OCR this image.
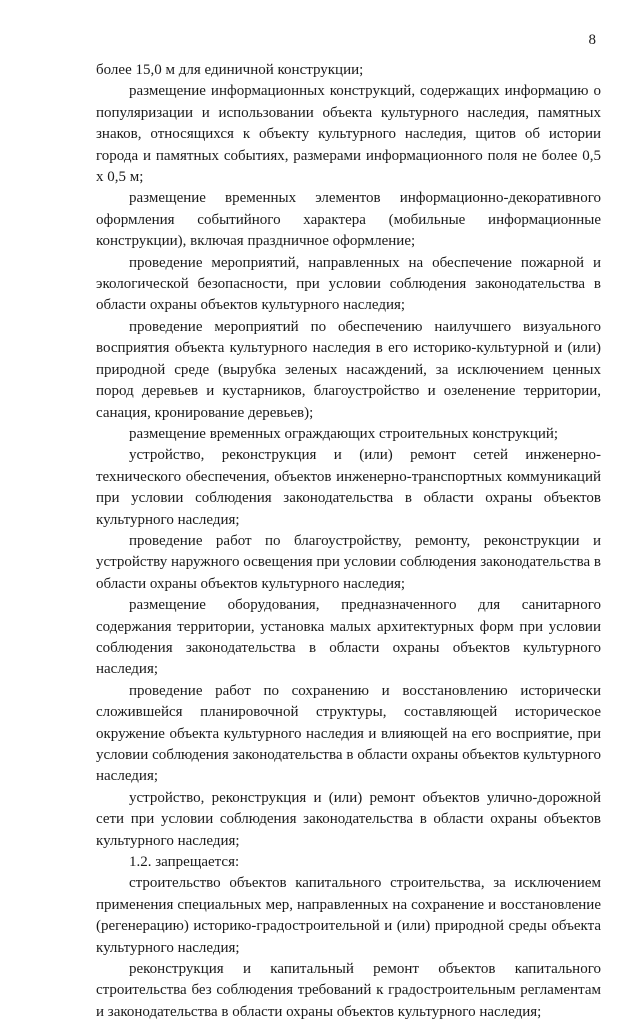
8

более 15,0 м для единичной конструкции;

размещение информационных конструкций, содержащих информацию о популяризации и использовании объекта культурного наследия, памятных знаков, относящихся к объекту культурного наследия, щитов об истории города и памятных событиях, размерами информационного поля не более 0,5 х 0,5 м;

размещение временных элементов информационно-декоративного оформления событийного характера (мобильные информационные конструкции), включая праздничное оформление;

проведение мероприятий, направленных на обеспечение пожарной и экологической безопасности, при условии соблюдения законодательства в области охраны объектов культурного наследия;

проведение мероприятий по обеспечению наилучшего визуального восприятия объекта культурного наследия в его историко-культурной и (или) природной среде (вырубка зеленых насаждений, за исключением ценных пород деревьев и кустарников, благоустройство и озеленение территории, санация, кронирование деревьев);

размещение временных ограждающих строительных конструкций;

устройство, реконструкция и (или) ремонт сетей инженерно-технического обеспечения, объектов инженерно-транспортных коммуникаций при условии соблюдения законодательства в области охраны объектов культурного наследия;

проведение работ по благоустройству, ремонту, реконструкции и устройству наружного освещения при условии соблюдения законодательства в области охраны объектов культурного наследия;

размещение оборудования, предназначенного для санитарного содержания территории, установка малых архитектурных форм при условии соблюдения законодательства в области охраны объектов культурного наследия;

проведение работ по сохранению и восстановлению исторически сложившейся планировочной структуры, составляющей историческое окружение объекта культурного наследия и влияющей на его восприятие, при условии соблюдения законодательства в области охраны объектов культурного наследия;

устройство, реконструкция и (или) ремонт объектов улично-дорожной сети при условии соблюдения законодательства в области охраны объектов культурного наследия;

1.2. запрещается:

строительство объектов капитального строительства, за исключением применения специальных мер, направленных на сохранение и восстановление (регенерацию) историко-градостроительной и (или) природной среды объекта культурного наследия;

реконструкция и капитальный ремонт объектов капитального строительства без соблюдения требований к градостроительным регламентам и законодательства в области охраны объектов культурного наследия;
